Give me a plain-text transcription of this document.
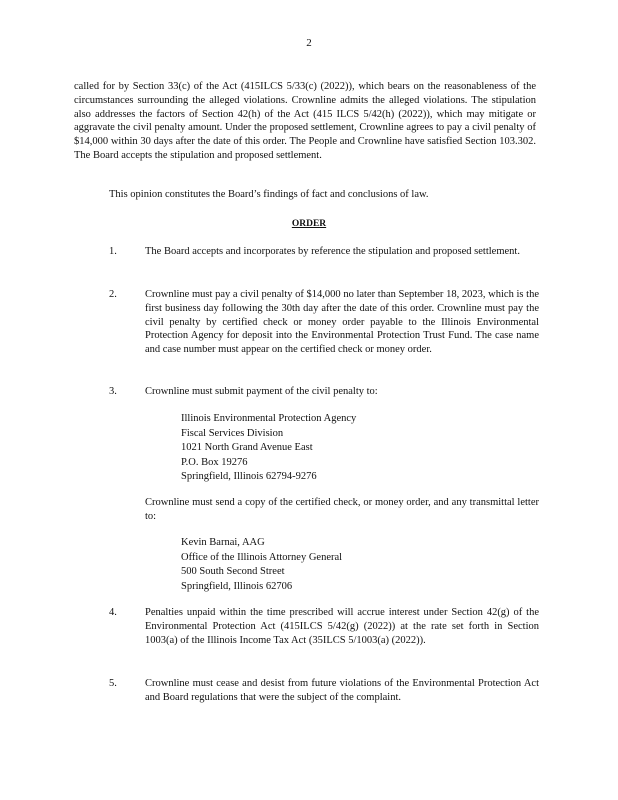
2
called for by Section 33(c) of the Act (415ILCS 5/33(c) (2022)), which bears on the reasonableness of the circumstances surrounding the alleged violations. Crownline admits the alleged violations. The stipulation also addresses the factors of Section 42(h) of the Act (415 ILCS 5/42(h) (2022)), which may mitigate or aggravate the civil penalty amount. Under the proposed settlement, Crownline agrees to pay a civil penalty of $14,000 within 30 days after the date of this order. The People and Crownline have satisfied Section 103.302. The Board accepts the stipulation and proposed settlement.
This opinion constitutes the Board’s findings of fact and conclusions of law.
ORDER
1.	The Board accepts and incorporates by reference the stipulation and proposed settlement.
2.	Crownline must pay a civil penalty of $14,000 no later than September 18, 2023, which is the first business day following the 30th day after the date of this order. Crownline must pay the civil penalty by certified check or money order payable to the Illinois Environmental Protection Agency for deposit into the Environmental Protection Trust Fund. The case name and case number must appear on the certified check or money order.
3.	Crownline must submit payment of the civil penalty to:
Illinois Environmental Protection Agency
Fiscal Services Division
1021 North Grand Avenue East
P.O. Box 19276
Springfield, Illinois 62794-9276
Crownline must send a copy of the certified check, or money order, and any transmittal letter to:
Kevin Barnai, AAG
Office of the Illinois Attorney General
500 South Second Street
Springfield, Illinois 62706
4.	Penalties unpaid within the time prescribed will accrue interest under Section 42(g) of the Environmental Protection Act (415ILCS 5/42(g) (2022)) at the rate set forth in Section 1003(a) of the Illinois Income Tax Act (35ILCS 5/1003(a) (2022)).
5.	Crownline must cease and desist from future violations of the Environmental Protection Act and Board regulations that were the subject of the complaint.
